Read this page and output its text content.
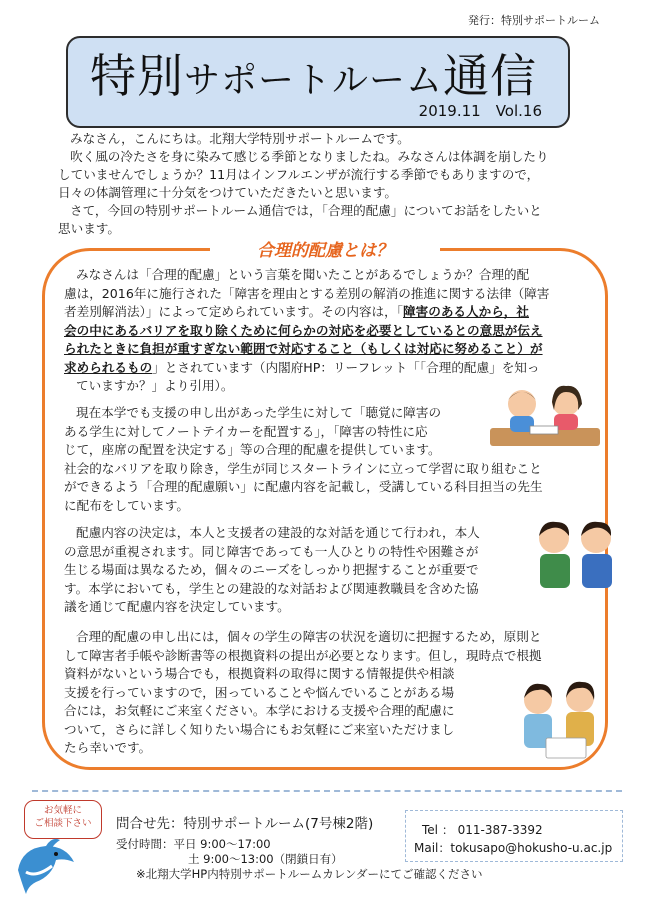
発行：特別サポートルーム
特別サポートルーム通信
2019.11　Vol.16

みなさん，こんにちは。北翔大学特別サポートルームです。

吹く風の冷たさを身に染みて感じる季節となりましたね。みなさんは体調を崩したり

していませんでしょうか？11月はインフルエンザが流行する季節でもありますので，

日々の体調管理に十分気をつけていただきたいと思います。

さて，今回の特別サポートルーム通信では，「合理的配慮」についてお話をしたいと

思います。

合理的配慮とは？

みなさんは「合理的配慮」という言葉を聞いたことがあるでしょうか？合理的配

慮は，2016年に施行された「障害を理由とする差別の解消の推進に関する法律（障害

者差別解消法）」によって定められています。その内容は，「障害のある人から，社

会の中にあるバリアを取り除くために何らかの対応を必要としているとの意思が伝え

られたときに負担が重すぎない範囲で対応すること（もしくは対応に努めること）が

求められるもの」とされています（内閣府HP：リーフレット「「合理的配慮」を知っ

ていますか？」より引用）。

現在本学でも支援の申し出があった学生に対して「聴覚に障害の

ある学生に対してノートテイカーを配置する」，「障害の特性に応

じて，座席の配置を決定する」等の合理的配慮を提供しています。

社会的なバリアを取り除き，学生が同じスタートラインに立って学習に取り組むこと

ができるよう「合理的配慮願い」に配慮内容を記載し，受講している科目担当の先生

に配布をしています。

配慮内容の決定は，本人と支援者の建設的な対話を通じて行われ，本人

の意思が重視されます。同じ障害であっても一人ひとりの特性や困難さが

生じる場面は異なるため，個々のニーズをしっかり把握することが重要で

す。本学においても，学生との建設的な対話および関連教職員を含めた協

議を通じて配慮内容を決定しています。

合理的配慮の申し出には，個々の学生の障害の状況を適切に把握するため，原則と

して障害者手帳や診断書等の根拠資料の提出が必要となります。但し，現時点で根拠

資料がないという場合でも，根拠資料の取得に関する情報提供や相談

支援を行っていますので，困っていることや悩んでいることがある場

合には，お気軽にご来室ください。本学における支援や合理的配慮に

ついて，さらに詳しく知りたい場合にもお気軽にご来室いただけまし

たら幸いです。

お気軽に
ご相談下さい	問合せ先：特別サポートルーム(7号棟2階)
受付時間：平日 9:00～17:00
土 9:00～13:00（閉鎖日有）
※北翔大学HP内特別サポートルームカレンダーにてご確認ください
Tel ： 011-387-3392
Mail：tokusapo@hokusho-u.ac.jp
